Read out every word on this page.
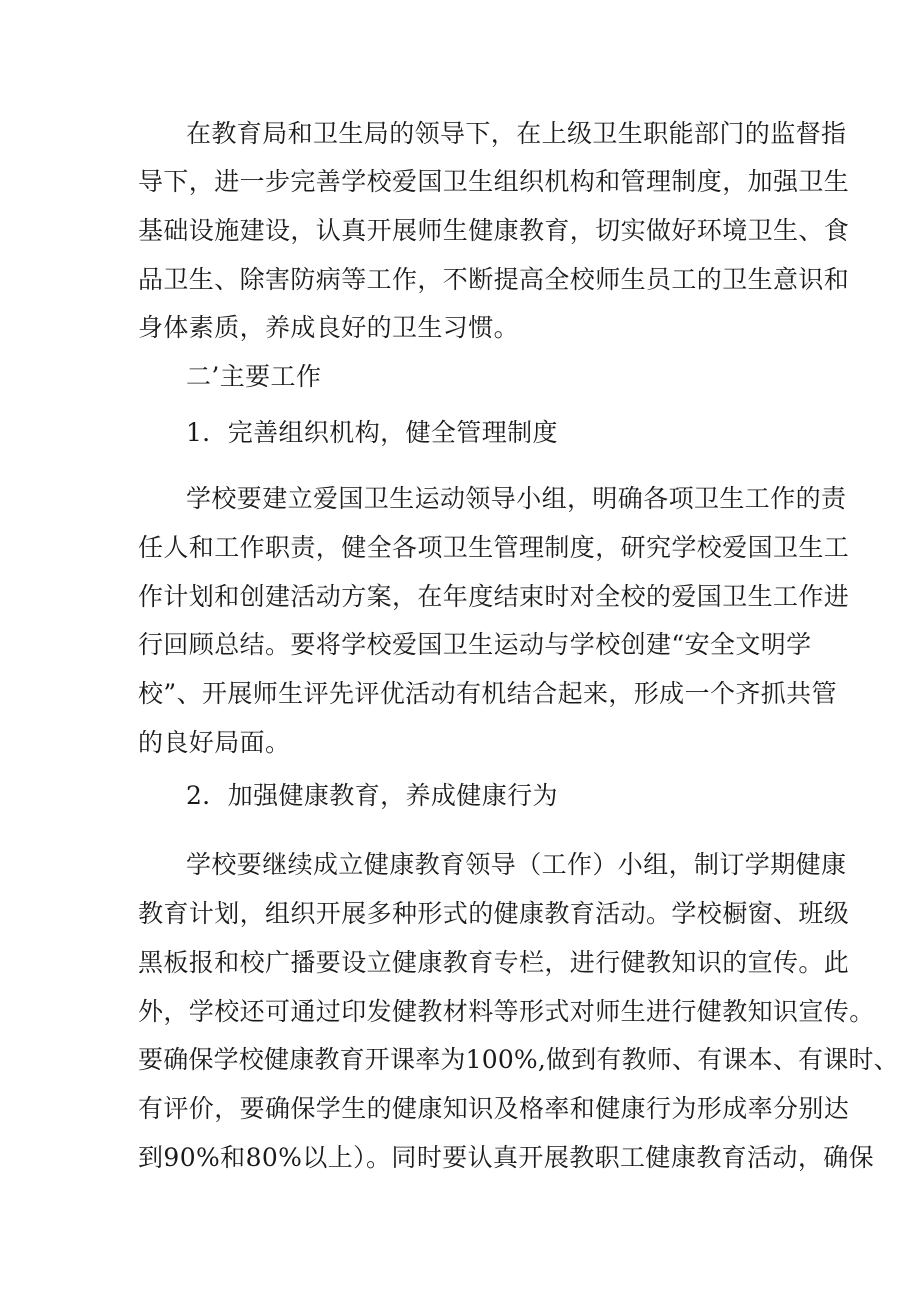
在教育局和卫生局的领导下，在上级卫生职能部门的监督指
导下，进一步完善学校爱国卫生组织机构和管理制度，加强卫生
基础设施建设，认真开展师生健康教育，切实做好环境卫生、食
品卫生、除害防病等工作，不断提高全校师生员工的卫生意识和
身体素质，养成良好的卫生习惯。
二’主要工作
1．完善组织机构，健全管理制度
学校要建立爱国卫生运动领导小组，明确各项卫生工作的责
任人和工作职责，健全各项卫生管理制度，研究学校爱国卫生工
作计划和创建活动方案，在年度结束时对全校的爱国卫生工作进
行回顾总结。要将学校爱国卫生运动与学校创建“安全文明学
校”、开展师生评先评优活动有机结合起来，形成一个齐抓共管
的良好局面。
2．加强健康教育，养成健康行为
学校要继续成立健康教育领导（工作）小组，制订学期健康
教育计划，组织开展多种形式的健康教育活动。学校橱窗、班级
黑板报和校广播要设立健康教育专栏，进行健教知识的宣传。此
外，学校还可通过印发健教材料等形式对师生进行健教知识宣传。
要确保学校健康教育开课率为100%,做到有教师、有课本、有课时、
有评价，要确保学生的健康知识及格率和健康行为形成率分别达
到90%和80%以上）。同时要认真开展教职工健康教育活动，确保
